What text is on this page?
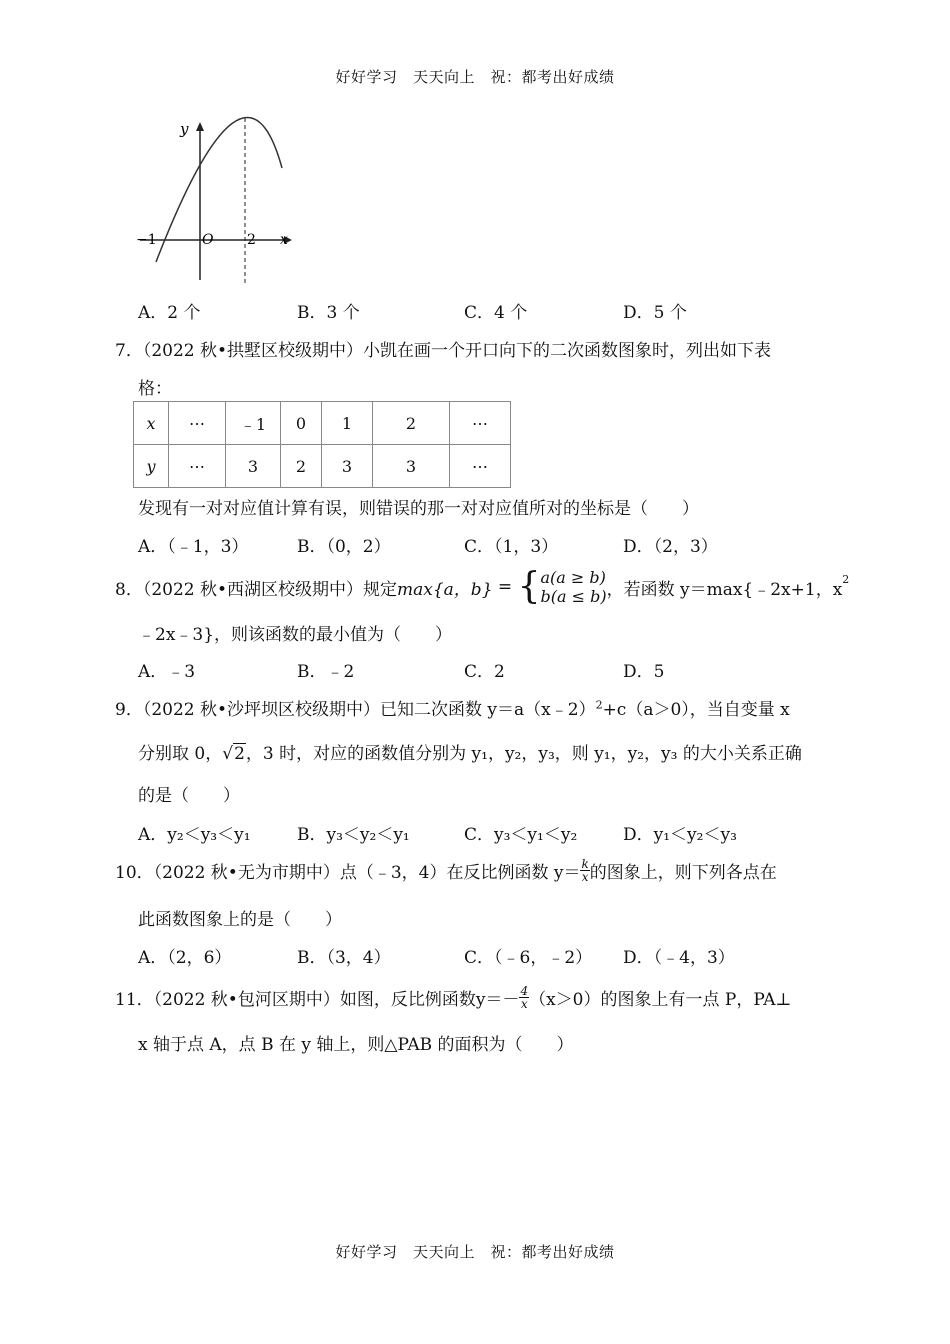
好好学习　天天向上　祝：都考出好成绩
y
x
O
−1	2
A．2 个	B．3 个	C．4 个	D．5 个
7．（2022 秋•拱墅区校级期中）小凯在画一个开口向下的二次函数图象时，列出如下表
格：
x	⋯	﹣1	0	1	2	⋯
y	⋯	3	2	3	3	⋯
发现有一对对应值计算有误，则错误的那一对对应值所对的坐标是（　　）
A．（﹣1，3）	B．（0，2）	C．（1，3）	D．（2，3）
8．（2022 秋•西湖区校级期中）规定 max{a，b} = { a(a ≥ b)
b(a ≤ b) ，若函数 y＝max{﹣2x+1，$x^2$
﹣2x﹣3}，则该函数的最小值为（　　）
A．﹣3	B．﹣2	C．2	D．5
9．（2022 秋•沙坪坝区校级期中）已知二次函数 y＝a（x﹣2）$^2$+c（a＞0），当自变量 x
分别取 0，√2，3 时，对应的函数值分别为 y₁，y₂，y₃，则 y₁，y₂，y₃ 的大小关系正确
的是（　　）
A．y₂＜y₃＜y₁	B．y₃＜y₂＜y₁	C．y₃＜y₁＜y₂	D．y₁＜y₂＜y₃
10．（2022 秋•无为市期中）点（﹣3，4）在反比例函数 $y= \frac{k}{x}$ 的图象上，则下列各点在
此函数图象上的是（　　）
A．（2，6）	B．（3，4）	C．（﹣6，﹣2） D．（﹣4，3）
11．（2022 秋•包河区期中）如图，反比例函数$y=- \frac{4}{x} (x>0)$的图象上有一点 P，PA⊥
x 轴于点 A，点 B 在 y 轴上，则△PAB 的面积为（　　）
好好学习　天天向上　祝：都考出好成绩
